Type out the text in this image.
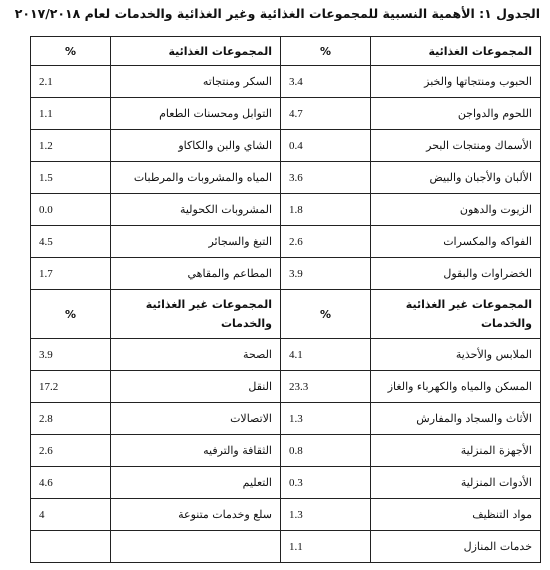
الجدول ١: الأهمية النسبية للمجموعات الغذائية وغير الغذائية والخدمات لعام ٢٠١٧/٢٠١٨
المجموعات الغذائية	%	المجموعات الغذائية	%
الحبوب ومنتجاتها والخبز	3.4	السكر ومنتجاته	2.1
اللحوم والدواجن	4.7	التوابل ومحسنات الطعام	1.1
الأسماك ومنتجات البحر	0.4	الشاي والبن والكاكاو	1.2
الألبان والأجبان والبيض	3.6	المياه والمشروبات والمرطبات	1.5
الزيوت والدهون	1.8	المشروبات الكحولية	0.0
الفواكه والمكسرات	2.6	التبغ والسجائر	4.5
الخضراوات والبقول	3.9	المطاعم والمقاهي	1.7
المجموعات غير الغذائية والخدمات	%	المجموعات غير الغذائية والخدمات	%
الملابس والأحذية	4.1	الصحة	3.9
المسكن والمياه والكهرباء والغاز	23.3	النقل	17.2
الأثاث والسجاد والمفارش	1.3	الاتصالات	2.8
الأجهزة المنزلية	0.8	الثقافة والترفيه	2.6
الأدوات المنزلية	0.3	التعليم	4.6
مواد التنظيف	1.3	سلع وخدمات متنوعة	4
خدمات المنازل	1.1		
